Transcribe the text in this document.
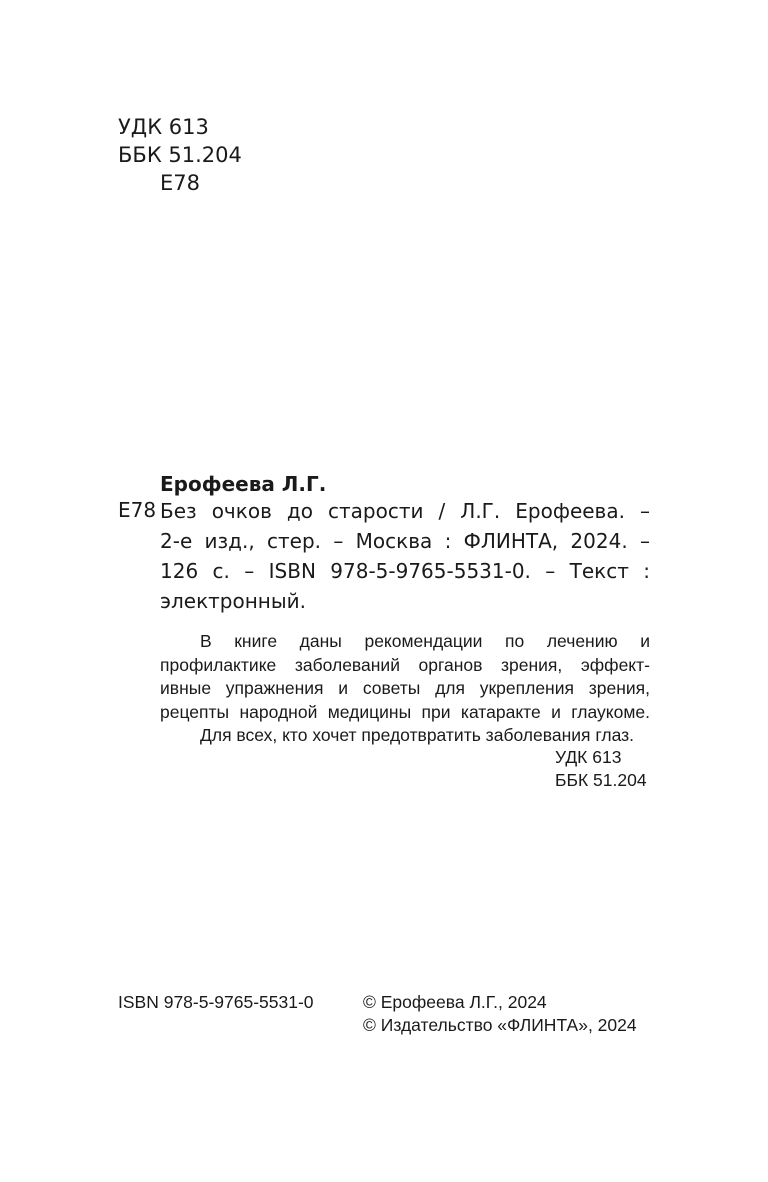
УДК 613
ББК 51.204
Е78
Ерофеева Л.Г.
Е78 Без очков до старости / Л.Г. Ерофеева. –
2-е изд., стер. – Москва : ФЛИНТА, 2024. –
126 с. – ISBN 978-5-9765-5531-0. – Текст :
электронный.
В книге даны рекомендации по лечению и
профилактике заболеваний органов зрения, эффект-
ивные упражнения и советы для укрепления зрения,
рецепты народной медицины при катаракте и глаукоме.
Для всех, кто хочет предотвратить заболевания глаз.
УДК 613
ББК 51.204
ISBN 978-5-9765-5531-0	© Ерофеева Л.Г., 2024
© Издательство «ФЛИНТА», 2024
